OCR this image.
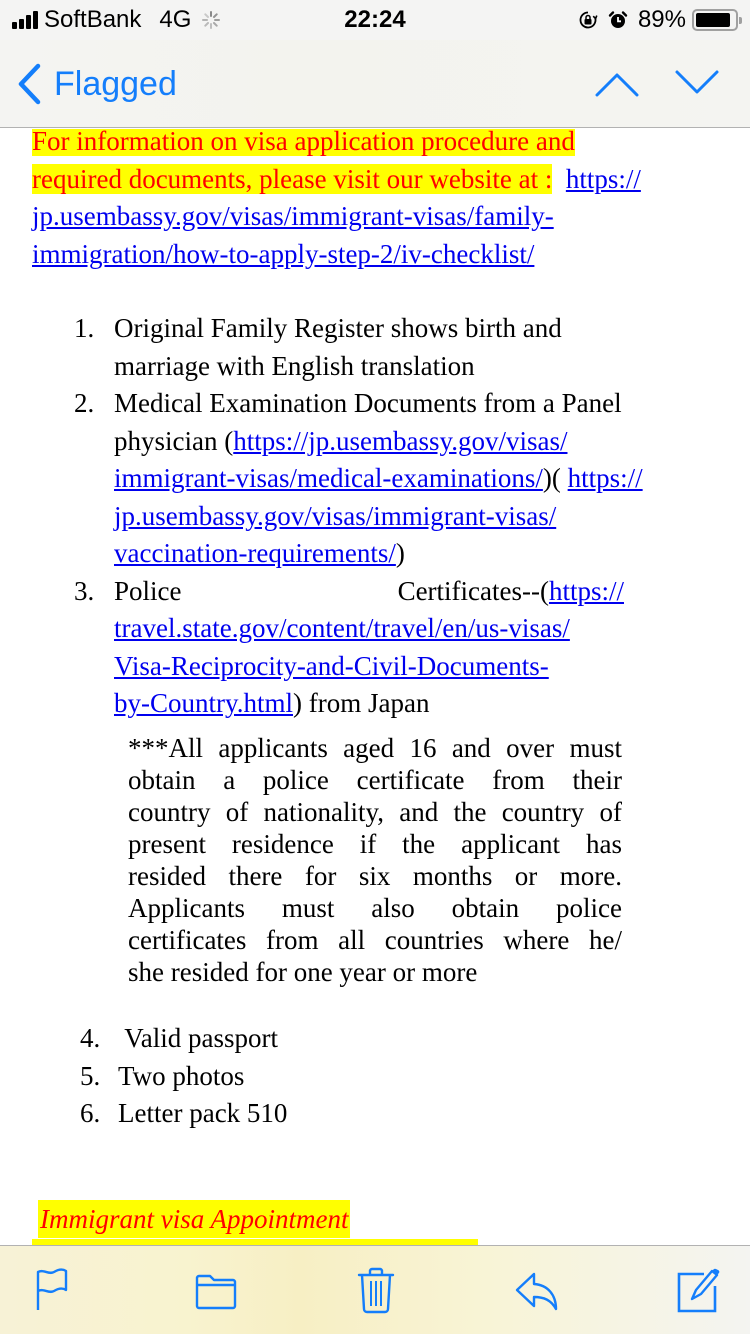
SoftBank 4G	22:24	89%
Flagged
For information on visa application procedure and
required documents, please visit our website at : https://
jp.usembassy.gov/visas/immigrant-visas/family-
immigration/how-to-apply-step-2/iv-checklist/
1. Original Family Register shows birth and
marriage with English translation
2. Medical Examination Documents from a Panel
physician (https://jp.usembassy.gov/visas/
immigrant-visas/medical-examinations/)( https://
jp.usembassy.gov/visas/immigrant-visas/
vaccination-requirements/)
3. Police	Certificates--(https://
travel.state.gov/content/travel/en/us-visas/
Visa-Reciprocity-and-Civil-Documents-
by-Country.html) from Japan
***All applicants aged 16 and over must
obtain a police certificate from their
country of nationality, and the country of
present residence if the applicant has
resided there for six months or more.
Applicants must also obtain police
certificates from all countries where he/
she resided for one year or more
4. Valid passport
5. Two photos
6. Letter pack 510
Immigrant visa Appointment
